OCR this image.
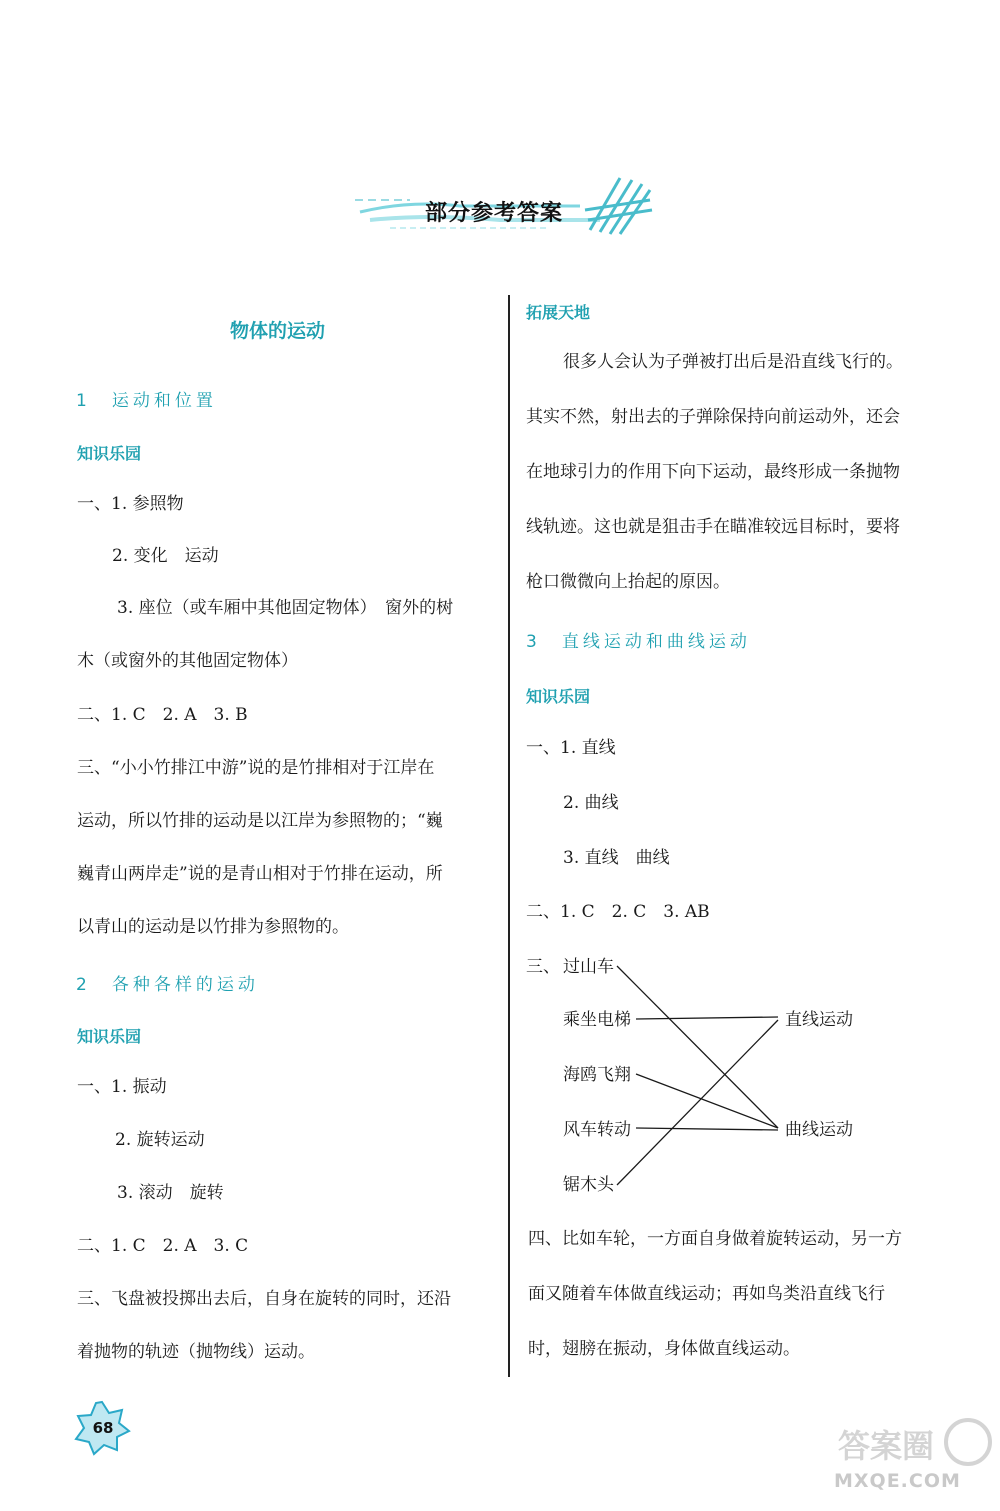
部分参考答案
物体的运动
1　运动和位置
知识乐园
一、1. 参照物
2. 变化　运动
3. 座位（或车厢中其他固定物体）　窗外的树
木（或窗外的其他固定物体）
二、1. C　2. A　3. B
三、“小小竹排江中游”说的是竹排相对于江岸在
运动，所以竹排的运动是以江岸为参照物的；“巍
巍青山两岸走”说的是青山相对于竹排在运动，所
以青山的运动是以竹排为参照物的。
2　各种各样的运动
知识乐园
一、1. 振动
2. 旋转运动
3. 滚动　旋转
二、1. C　2. A　3. C
三、飞盘被投掷出去后，自身在旋转的同时，还沿
着抛物的轨迹（抛物线）运动。
拓展天地
很多人会认为子弹被打出后是沿直线飞行的。
其实不然，射出去的子弹除保持向前运动外，还会
在地球引力的作用下向下运动，最终形成一条抛物
线轨迹。这也就是狙击手在瞄准较远目标时，要将
枪口微微向上抬起的原因。
3　直线运动和曲线运动
知识乐园
一、1. 直线
2. 曲线
3. 直线　曲线
二、1. C　2. C　3. AB
三、 过山车
乘坐电梯
海鸥飞翔
风车转动
锯木头
直线运动
曲线运动
四、比如车轮，一方面自身做着旋转运动，另一方
面又随着车体做直线运动；再如鸟类沿直线飞行
时，翅膀在振动，身体做直线运动。
68	答案圈
MXQE.COM
